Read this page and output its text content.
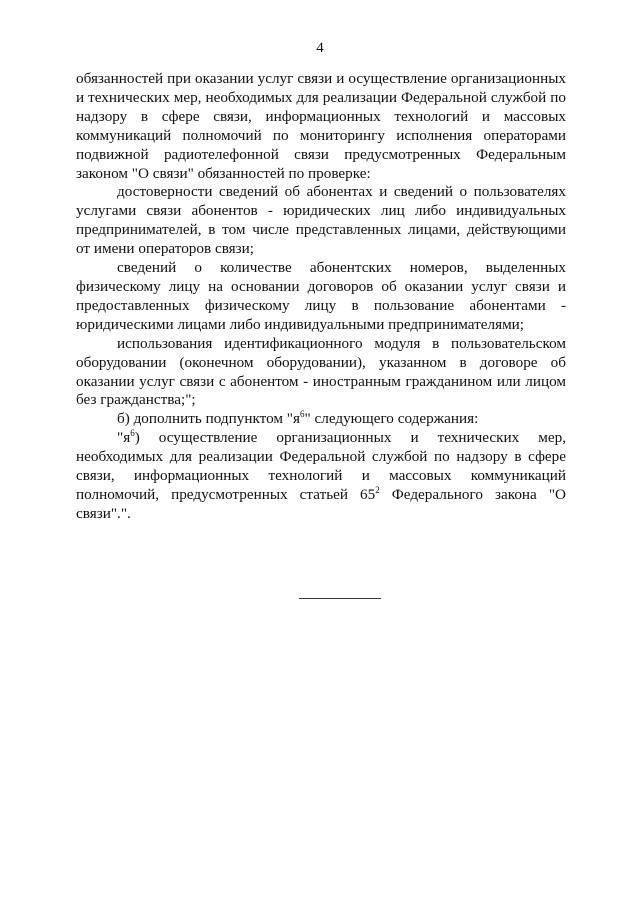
4

обязанностей при оказании услуг связи и осуществление организационных и технических мер, необходимых для реализации Федеральной службой по надзору в сфере связи, информационных технологий и массовых коммуникаций полномочий по мониторингу исполнения операторами подвижной радиотелефонной связи предусмотренных Федеральным законом "О связи" обязанностей по проверке:

достоверности сведений об абонентах и сведений о пользователях услугами связи абонентов - юридических лиц либо индивидуальных предпринимателей, в том числе представленных лицами, действующими от имени операторов связи;

сведений о количестве абонентских номеров, выделенных физическому лицу на основании договоров об оказании услуг связи и предоставленных физическому лицу в пользование абонентами - юридическими лицами либо индивидуальными предпринимателями;

использования идентификационного модуля в пользовательском оборудовании (оконечном оборудовании), указанном в договоре об оказании услуг связи с абонентом - иностранным гражданином или лицом без гражданства;";

б) дополнить подпунктом "$я^6$" следующего содержания:

"$я^6$) осуществление организационных и технических мер, необходимых для реализации Федеральной службой по надзору в сфере связи, информационных технологий и массовых коммуникаций полномочий, предусмотренных статьей $65^2$ Федерального закона "О связи".".
